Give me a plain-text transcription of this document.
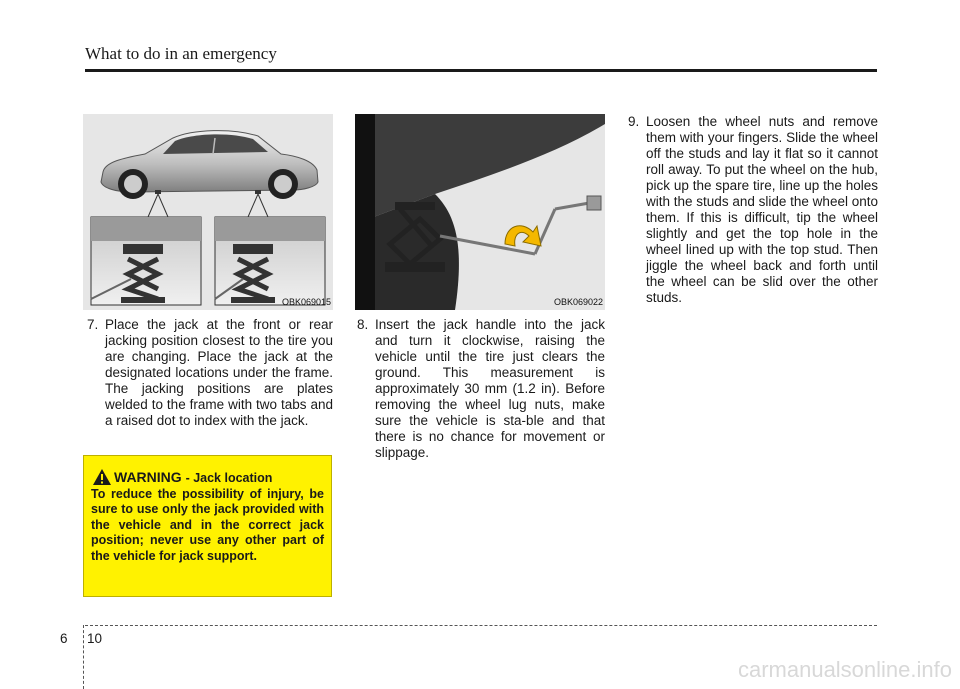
What to do in an emergency
OBK069015	OBK069022
7. Place the jack at the front or rear jacking position closest to the tire you are changing. Place the jack at the designated locations under the frame. The jacking positions are plates welded to the frame with two tabs and a raised dot to index with the jack.
8. Insert the jack handle into the jack and turn it clockwise, raising the vehicle until the tire just clears the ground. This measurement is approximately 30 mm (1.2 in). Before removing the wheel lug nuts, make sure the vehicle is sta-ble and that there is no chance for movement or slippage.
9. Loosen the wheel nuts and remove them with your fingers. Slide the wheel off the studs and lay it flat so it cannot roll away. To put the wheel on the hub, pick up the spare tire, line up the holes with the studs and slide the wheel onto them. If this is difficult, tip the wheel slightly and get the top hole in the wheel lined up with the top stud. Then jiggle the wheel back and forth until the wheel can be slid over the other studs.
WARNING - Jack location

To reduce the possibility of injury, be sure to use only the jack provided with the vehicle and in the correct jack position; never use any other part of the vehicle for jack support.

6 10
carmanualsonline.info
